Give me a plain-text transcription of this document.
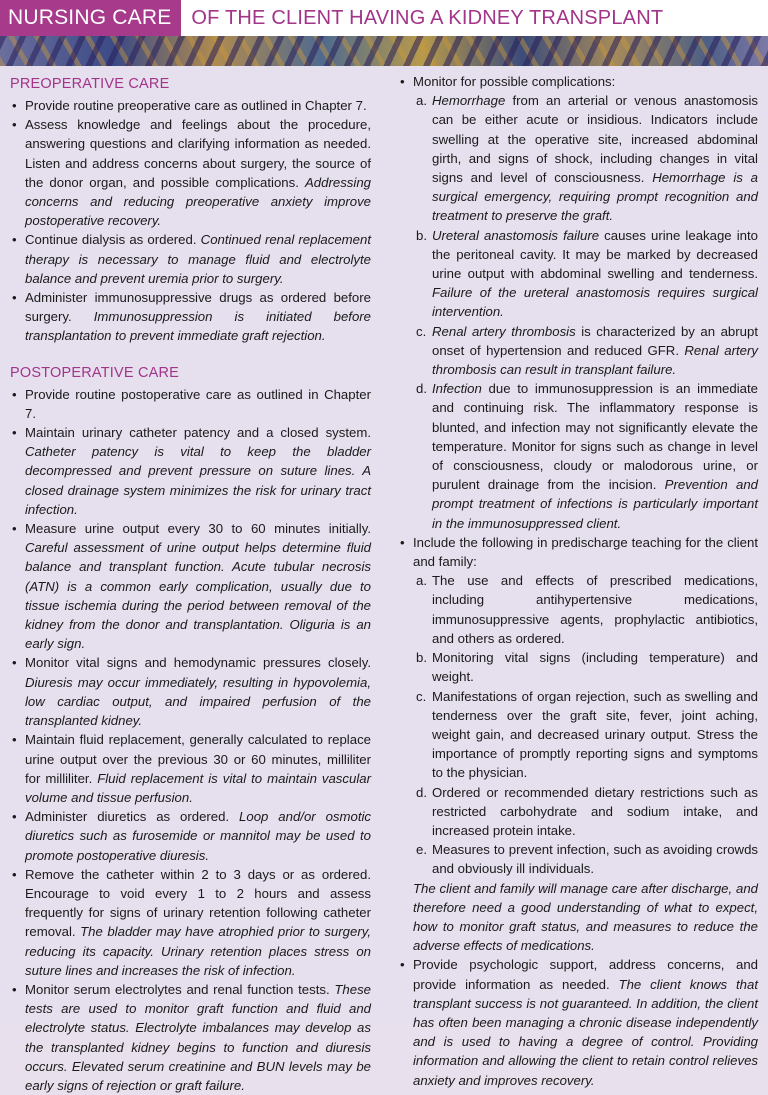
NURSING CARE	OF THE CLIENT HAVING A KIDNEY TRANSPLANT
PREOPERATIVE CARE
• Provide routine preoperative care as outlined in Chapter 7.
• Assess knowledge and feelings about the procedure, answering questions and clarifying information as needed. Listen and address concerns about surgery, the source of the donor organ, and possible complications. Addressing concerns and reducing preoperative anxiety improve postoperative recovery.
• Continue dialysis as ordered. Continued renal replacement therapy is necessary to manage fluid and electrolyte balance and prevent uremia prior to surgery.
• Administer immunosuppressive drugs as ordered before surgery. Immunosuppression is initiated before transplantation to prevent immediate graft rejection.
POSTOPERATIVE CARE
• Provide routine postoperative care as outlined in Chapter 7.
• Maintain urinary catheter patency and a closed system. Catheter patency is vital to keep the bladder decompressed and prevent pressure on suture lines. A closed drainage system minimizes the risk for urinary tract infection.
• Measure urine output every 30 to 60 minutes initially. Careful assessment of urine output helps determine fluid balance and transplant function. Acute tubular necrosis (ATN) is a common early complication, usually due to tissue ischemia during the period between removal of the kidney from the donor and transplantation. Oliguria is an early sign.
• Monitor vital signs and hemodynamic pressures closely. Diuresis may occur immediately, resulting in hypovolemia, low cardiac output, and impaired perfusion of the transplanted kidney.
• Maintain fluid replacement, generally calculated to replace urine output over the previous 30 or 60 minutes, milliliter for milliliter. Fluid replacement is vital to maintain vascular volume and tissue perfusion.
• Administer diuretics as ordered. Loop and/or osmotic diuretics such as furosemide or mannitol may be used to promote postoperative diuresis.
• Remove the catheter within 2 to 3 days or as ordered. Encourage to void every 1 to 2 hours and assess frequently for signs of urinary retention following catheter removal. The bladder may have atrophied prior to surgery, reducing its capacity. Urinary retention places stress on suture lines and increases the risk of infection.
• Monitor serum electrolytes and renal function tests. These tests are used to monitor graft function and fluid and electrolyte status. Electrolyte imbalances may develop as the transplanted kidney begins to function and diuresis occurs. Elevated serum creatinine and BUN levels may be early signs of rejection or graft failure.
• Monitor for possible complications:
a. Hemorrhage from an arterial or venous anastomosis can be either acute or insidious. Indicators include swelling at the operative site, increased abdominal girth, and signs of shock, including changes in vital signs and level of consciousness. Hemorrhage is a surgical emergency, requiring prompt recognition and treatment to preserve the graft.
b. Ureteral anastomosis failure causes urine leakage into the peritoneal cavity. It may be marked by decreased urine output with abdominal swelling and tenderness. Failure of the ureteral anastomosis requires surgical intervention.
c. Renal artery thrombosis is characterized by an abrupt onset of hypertension and reduced GFR. Renal artery thrombosis can result in transplant failure.
d. Infection due to immunosuppression is an immediate and continuing risk. The inflammatory response is blunted, and infection may not significantly elevate the temperature. Monitor for signs such as change in level of consciousness, cloudy or malodorous urine, or purulent drainage from the incision. Prevention and prompt treatment of infections is particularly important in the immunosuppressed client.
• Include the following in predischarge teaching for the client and family:
a. The use and effects of prescribed medications, including antihypertensive medications, immunosuppressive agents, prophylactic antibiotics, and others as ordered.
b. Monitoring vital signs (including temperature) and weight.
c. Manifestations of organ rejection, such as swelling and tenderness over the graft site, fever, joint aching, weight gain, and decreased urinary output. Stress the importance of promptly reporting signs and symptoms to the physician.
d. Ordered or recommended dietary restrictions such as restricted carbohydrate and sodium intake, and increased protein intake.
e. Measures to prevent infection, such as avoiding crowds and obviously ill individuals.
The client and family will manage care after discharge, and therefore need a good understanding of what to expect, how to monitor graft status, and measures to reduce the adverse effects of medications.
• Provide psychologic support, address concerns, and provide information as needed. The client knows that transplant success is not guaranteed. In addition, the client has often been managing a chronic disease independently and is used to having a degree of control. Providing information and allowing the client to retain control relieves anxiety and improves recovery.
